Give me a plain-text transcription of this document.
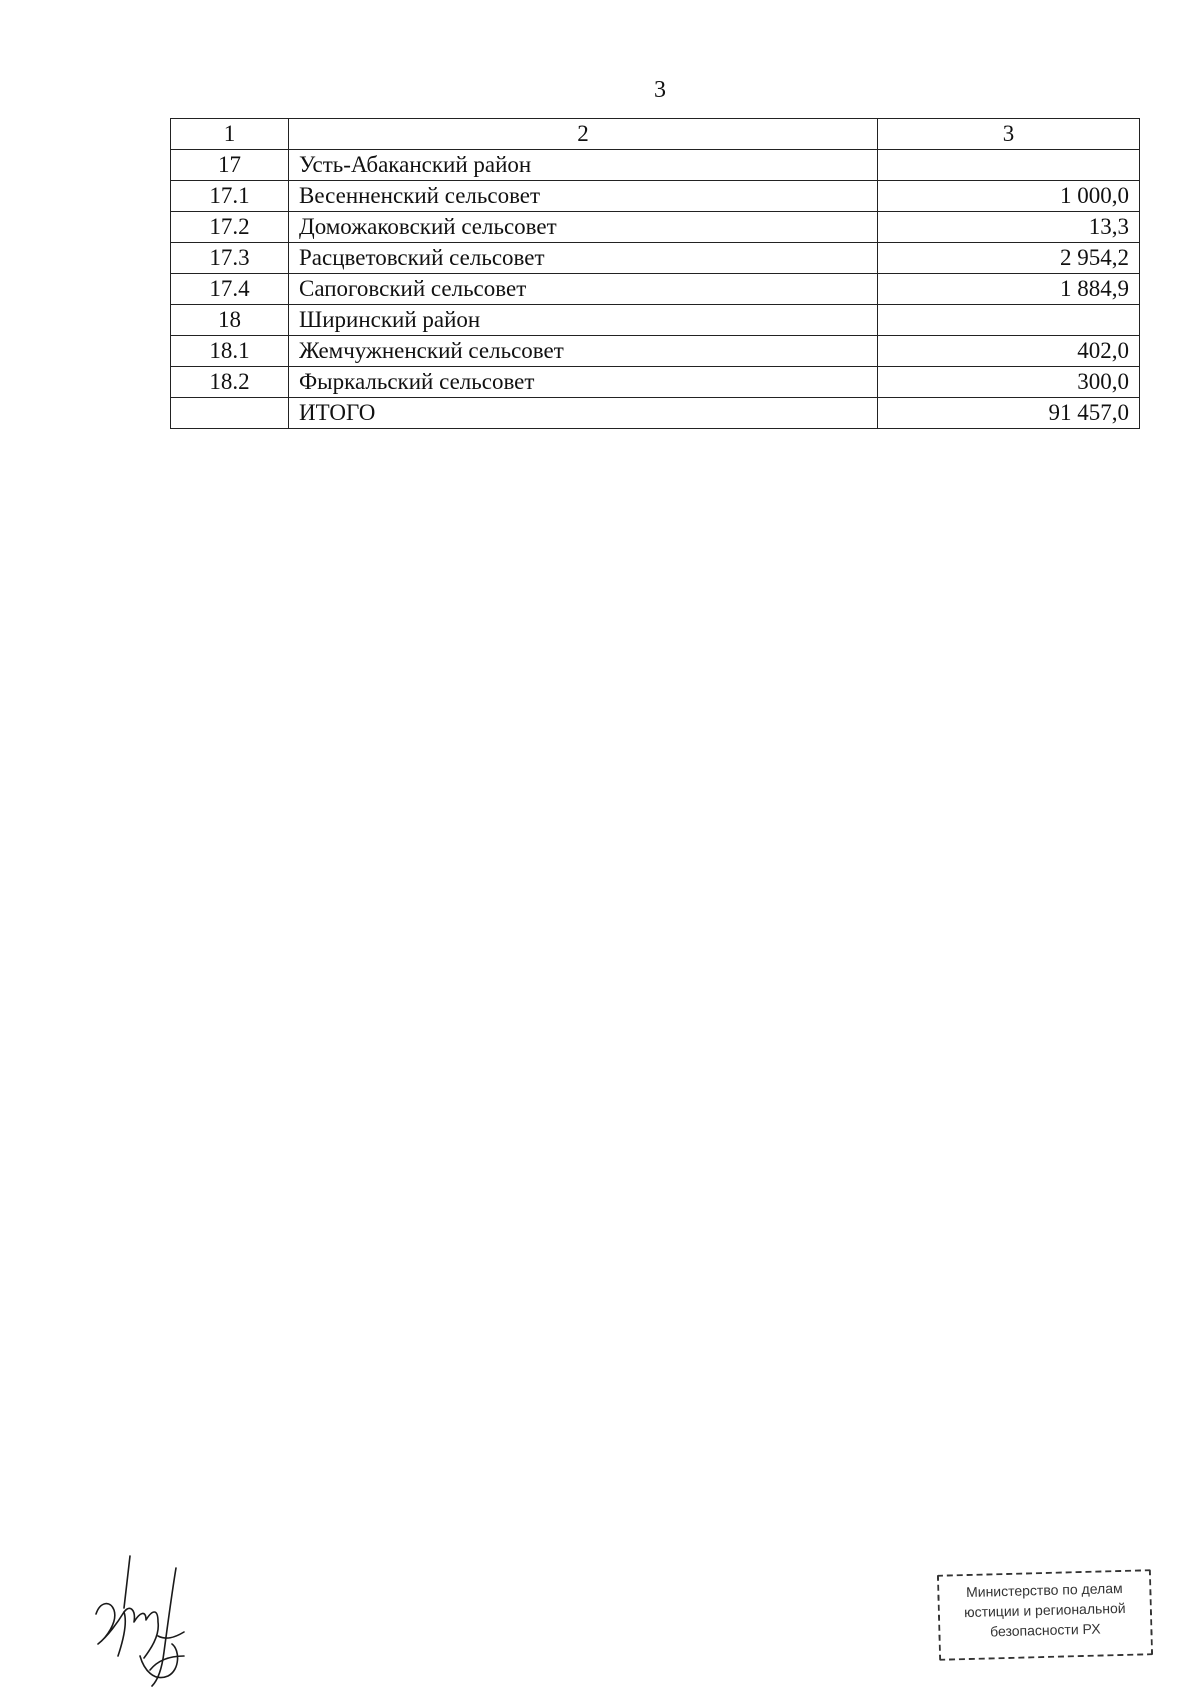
3
1	2	3
17	Усть-Абаканский район	
17.1	Весенненский сельсовет	1 000,0
17.2	Доможаковский сельсовет	13,3
17.3	Расцветовский сельсовет	2 954,2
17.4	Сапоговский сельсовет	1 884,9
18	Ширинский район	
18.1	Жемчужненский сельсовет	402,0
18.2	Фыркальский сельсовет	300,0
	ИТОГО	91 457,0
Министерство по делам
юстиции и региональной
безопасности РХ
